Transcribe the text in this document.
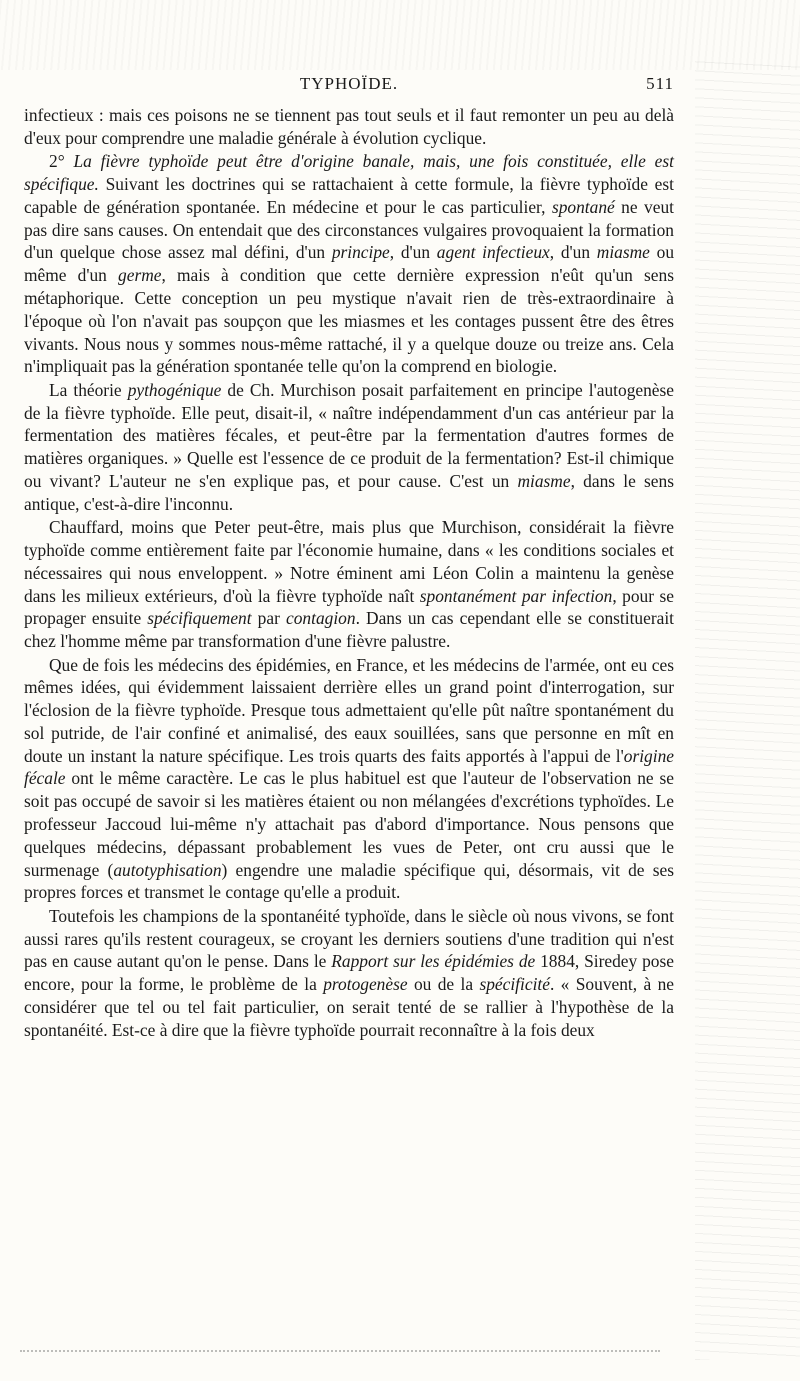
TYPHOÏDE.	511

infectieux : mais ces poisons ne se tiennent pas tout seuls et il faut remonter un peu au delà d'eux pour comprendre une maladie générale à évolution cyclique.

2° La fièvre typhoïde peut être d'origine banale, mais, une fois constituée, elle est spécifique. Suivant les doctrines qui se rattachaient à cette formule, la fièvre typhoïde est capable de génération spontanée. En médecine et pour le cas particulier, spontané ne veut pas dire sans causes. On entendait que des circonstances vulgaires provoquaient la formation d'un quelque chose assez mal défini, d'un principe, d'un agent infectieux, d'un miasme ou même d'un germe, mais à condition que cette dernière expression n'eût qu'un sens métaphorique. Cette conception un peu mystique n'avait rien de très-extraordinaire à l'époque où l'on n'avait pas soupçon que les miasmes et les contages pussent être des êtres vivants. Nous nous y sommes nous-même rattaché, il y a quelque douze ou treize ans. Cela n'impliquait pas la génération spontanée telle qu'on la comprend en biologie.

La théorie pythogénique de Ch. Murchison posait parfaitement en principe l'autogenèse de la fièvre typhoïde. Elle peut, disait-il, « naître indépendamment d'un cas antérieur par la fermentation des matières fécales, et peut-être par la fermentation d'autres formes de matières organiques. » Quelle est l'essence de ce produit de la fermentation? Est-il chimique ou vivant? L'auteur ne s'en explique pas, et pour cause. C'est un miasme, dans le sens antique, c'est-à-dire l'inconnu.

Chauffard, moins que Peter peut-être, mais plus que Murchison, considérait la fièvre typhoïde comme entièrement faite par l'économie humaine, dans « les conditions sociales et nécessaires qui nous enveloppent. » Notre éminent ami Léon Colin a maintenu la genèse dans les milieux extérieurs, d'où la fièvre typhoïde naît spontanément par infection, pour se propager ensuite spécifiquement par contagion. Dans un cas cependant elle se constituerait chez l'homme même par transformation d'une fièvre palustre.

Que de fois les médecins des épidémies, en France, et les médecins de l'armée, ont eu ces mêmes idées, qui évidemment laissaient derrière elles un grand point d'interrogation, sur l'éclosion de la fièvre typhoïde. Presque tous admettaient qu'elle pût naître spontanément du sol putride, de l'air confiné et animalisé, des eaux souillées, sans que personne en mît en doute un instant la nature spécifique. Les trois quarts des faits apportés à l'appui de l'origine fécale ont le même caractère. Le cas le plus habituel est que l'auteur de l'observation ne se soit pas occupé de savoir si les matières étaient ou non mélangées d'excrétions typhoïdes. Le professeur Jaccoud lui-même n'y attachait pas d'abord d'importance. Nous pensons que quelques médecins, dépassant probablement les vues de Peter, ont cru aussi que le surmenage (autotyphisation) engendre une maladie spécifique qui, désormais, vit de ses propres forces et transmet le contage qu'elle a produit.

Toutefois les champions de la spontanéité typhoïde, dans le siècle où nous vivons, se font aussi rares qu'ils restent courageux, se croyant les derniers soutiens d'une tradition qui n'est pas en cause autant qu'on le pense. Dans le Rapport sur les épidémies de 1884, Siredey pose encore, pour la forme, le problème de la protogenèse ou de la spécificité. « Souvent, à ne considérer que tel ou tel fait particulier, on serait tenté de se rallier à l'hypothèse de la spontanéité. Est-ce à dire que la fièvre typhoïde pourrait reconnaître à la fois deux
